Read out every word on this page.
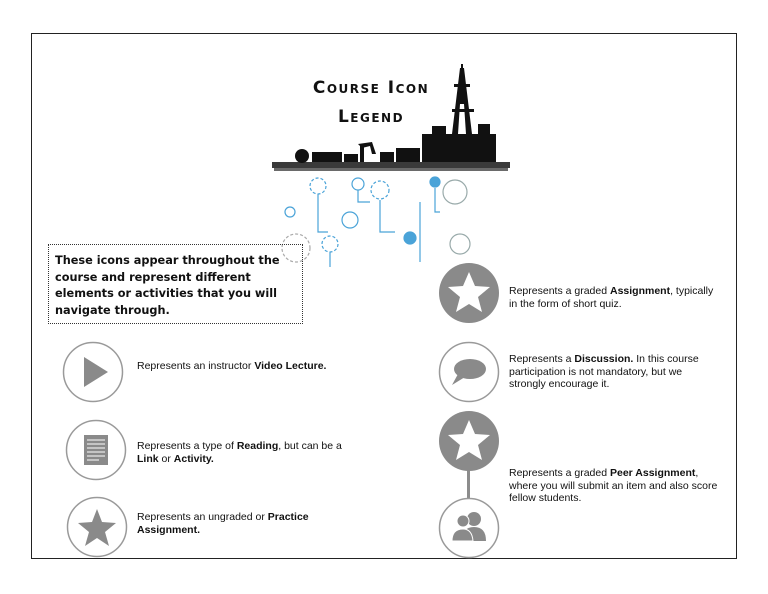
Course Icon
Legend
These icons appear throughout the course and represent different elements or activities that you will navigate through.
Represents an instructor Video Lecture.
Represents a type of Reading, but can be a Link or Activity.
Represents an ungraded or Practice Assignment.
Represents a graded Assignment, typically in the form of short quiz.
Represents a Discussion. In this course participation is not mandatory, but we strongly encourage it.
Represents a graded Peer Assignment, where you will submit an item and also score fellow students.
